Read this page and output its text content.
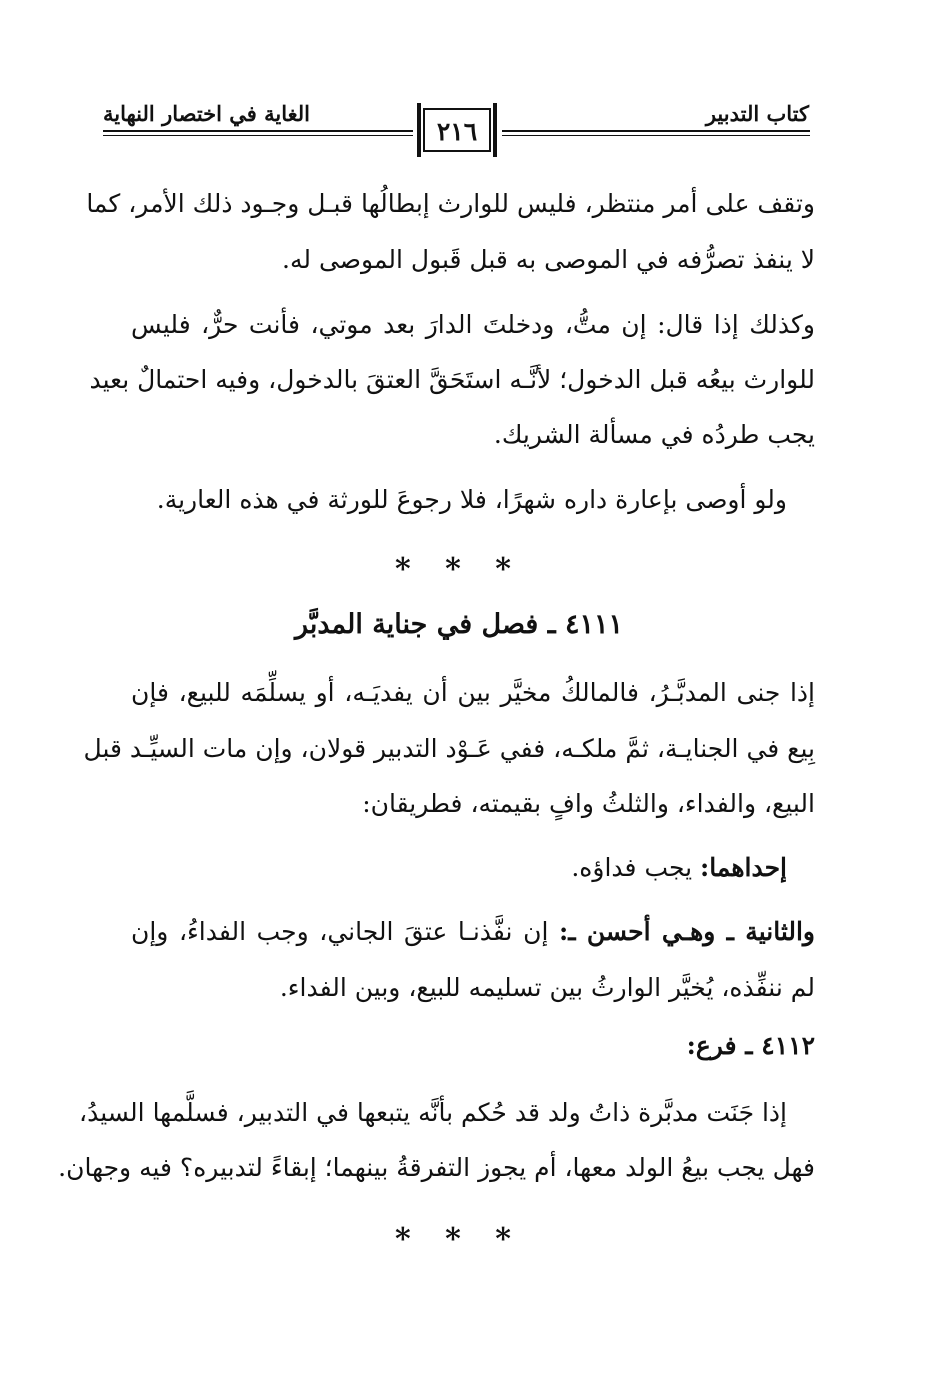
كتاب التدبير
الغاية في اختصار النهاية
٢١٦
وتقف على أمر منتظر، فليس للوارث إبطالُها قبـل وجـود ذلك الأمر، كما
لا ينفذ تصرُّفه في الموصى به قبل قَبول الموصى له.
وكذلك إذا قال: إن متُّ، ودخلتَ الدارَ بعد موتي، فأنت حرٌّ، فليس
للوارث بيعُه قبل الدخول؛ لأنَّـه استَحَقَّ العتقَ بالدخول، وفيه احتمالٌ بعيد
يجب طردُه في مسألة الشريك.
ولو أوصى بإعارة داره شهرًا، فلا رجوعَ للورثة في هذه العارية.
* * *
٤١١١ ـ فصل في جناية المدبَّر
إذا جنى المدبَّـرُ، فالمالكُ مخيَّر بين أن يفديَـه، أو يسلِّمَه للبيع، فإن
بِيع في الجنايـة، ثمَّ ملكـه، ففي عَـوْد التدبير قولان، وإن مات السيِّـد قبل
البيع، والفداء، والثلثُ وافٍ بقيمته، فطريقان:
إحداهما: يجب فداؤه.
والثانية ـ وهـي أحسن ـ: إن نفَّذنـا عتقَ الجاني، وجب الفداءُ، وإن
لم ننفِّذه، يُخيَّر الوارثُ بين تسليمه للبيع، وبين الفداء.
٤١١٢ ـ فرع:
إذا جَنَت مدبَّرة ذاتُ ولد قد حُكم بأنَّه يتبعها في التدبير، فسلَّمها السيدُ،
فهل يجب بيعُ الولد معها، أم يجوز التفرقةُ بينهما؛ إبقاءً لتدبيره؟ فيه وجهان.
* * *
